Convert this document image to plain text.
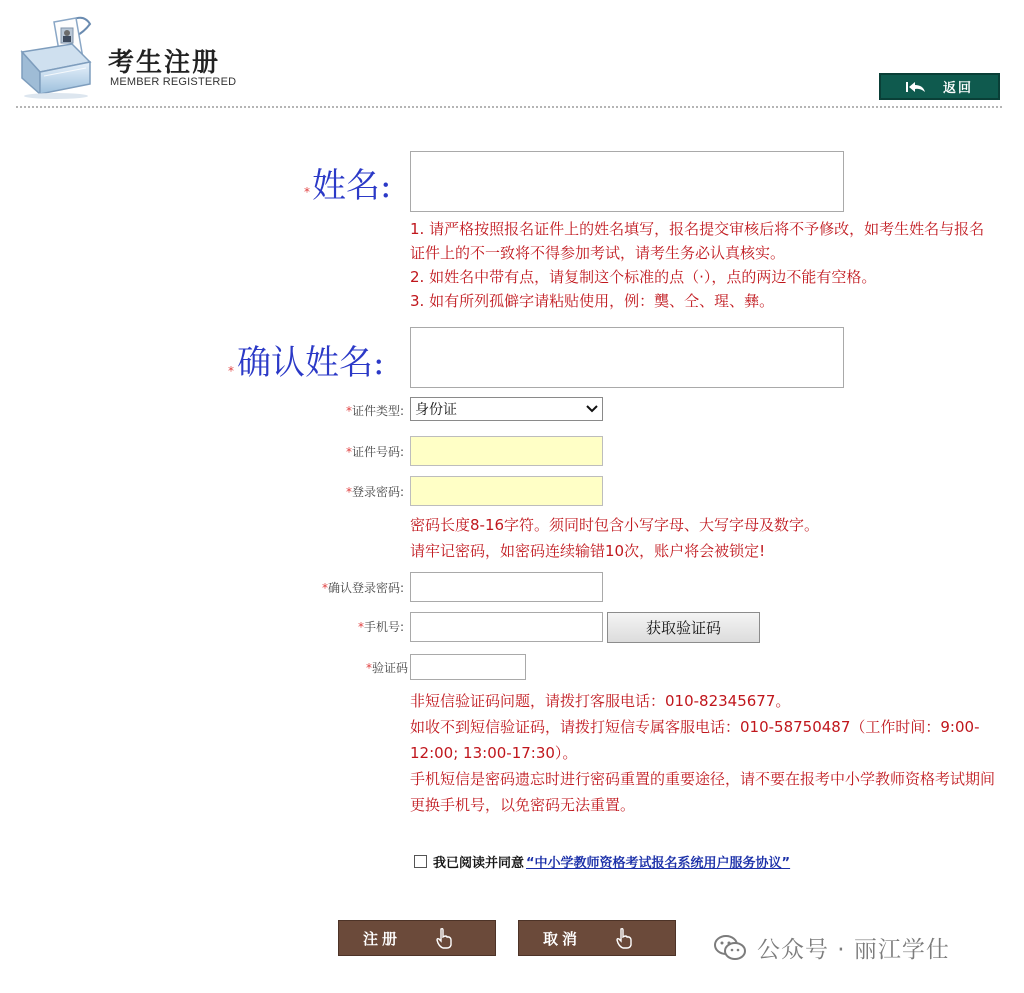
考生注册
MEMBER REGISTERED	返回
* 姓名:
1. 请严格按照报名证件上的姓名填写，报名提交审核后将不予修改，如考生姓名与报名证件上的不一致将不得参加考试，请考生务必认真核实。
2. 如姓名中带有点，请复制这个标准的点（·），点的两边不能有空格。
3. 如有所列孤僻字请粘贴使用，例：龑、仝、瑆、彝。
* 确认姓名:
*证件类型: 身份证
*证件号码:
*登录密码:
密码长度8-16字符。须同时包含小写字母、大写字母及数字。
请牢记密码，如密码连续输错10次，账户将会被锁定!
*确认登录密码:
*手机号:	获取验证码
*验证码
非短信验证码问题，请拨打客服电话：010-82345677。
如收不到短信验证码，请拨打短信专属客服电话：010-58750487（工作时间：9:00-12:00; 13:00-17:30）。
手机短信是密码遗忘时进行密码重置的重要途径，请不要在报考中小学教师资格考试期间更换手机号，以免密码无法重置。
我已阅读并同意 “中小学教师资格考试报名系统用户服务协议”
注册	取消	公众号 · 丽江学仕
